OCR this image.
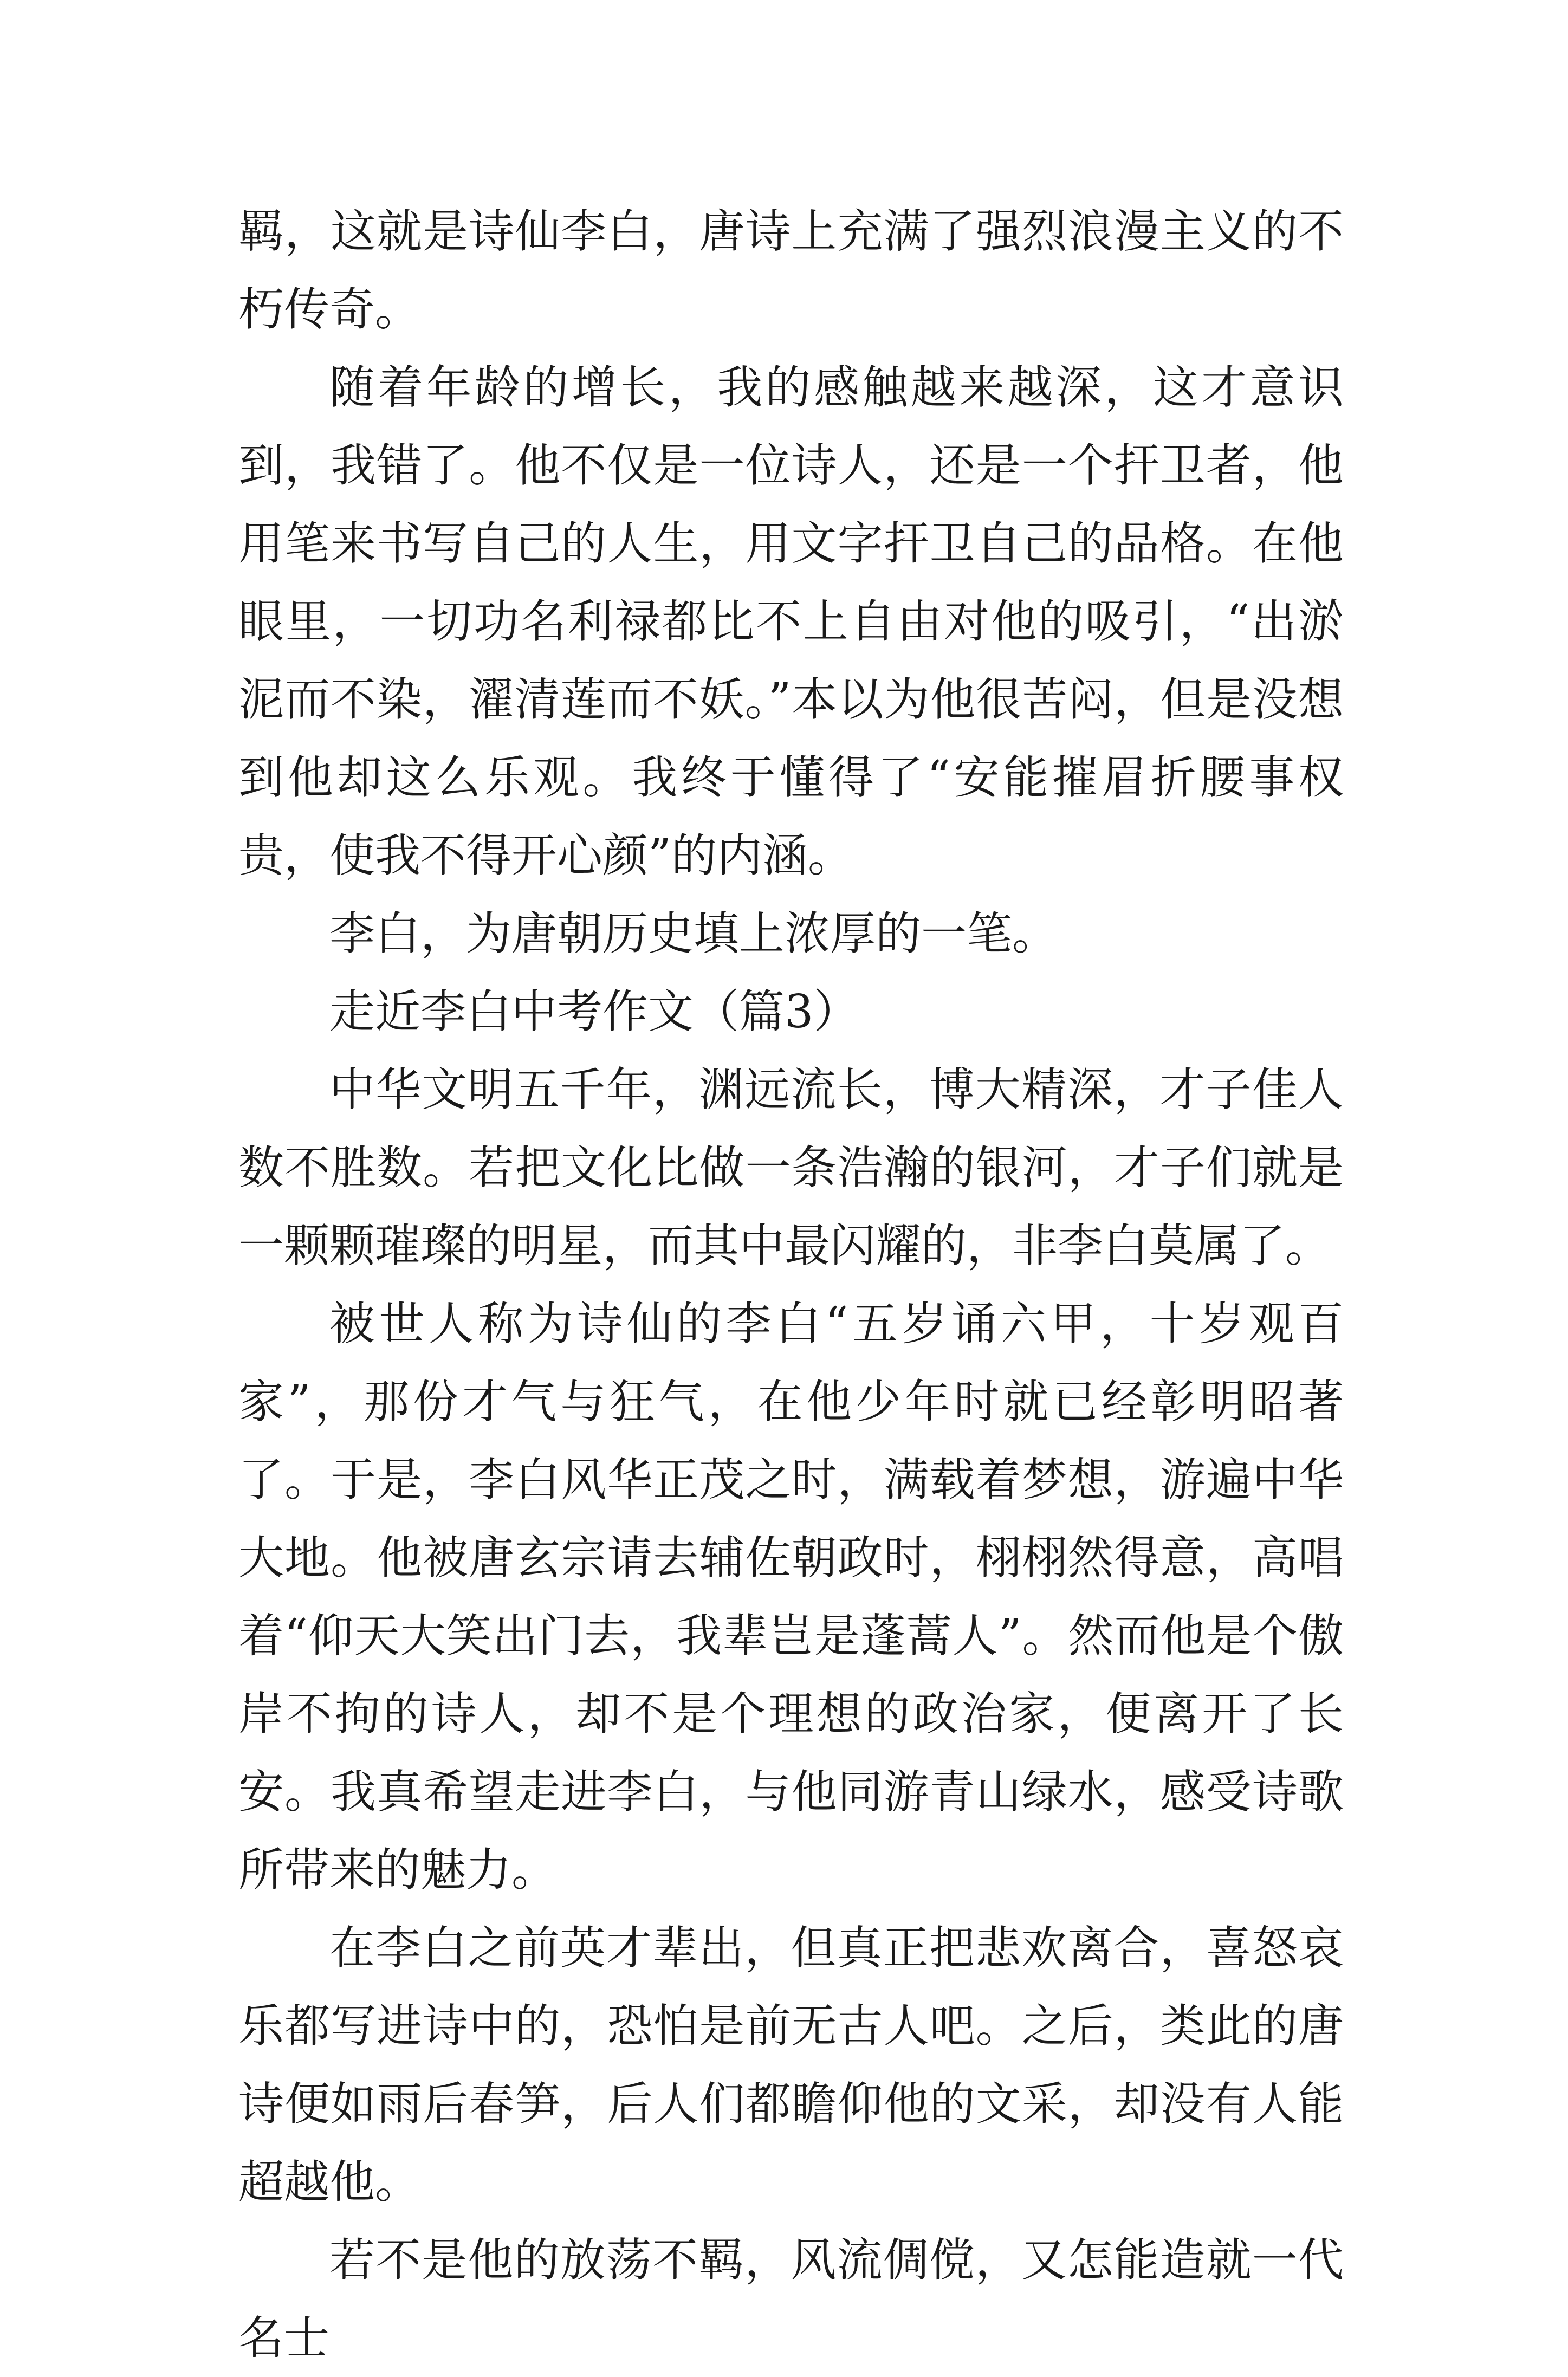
羁，这就是诗仙李白，唐诗上充满了强烈浪漫主义的不朽传奇。

随着年龄的增长，我的感触越来越深，这才意识到，我错了。他不仅是一位诗人，还是一个扞卫者，他用笔来书写自己的人生，用文字扞卫自己的品格。在他眼里，一切功名利禄都比不上自由对他的吸引，“出淤泥而不染，濯清莲而不妖。”本以为他很苦闷，但是没想到他却这么乐观。我终于懂得了“安能摧眉折腰事权贵，使我不得开心颜”的内涵。

李白，为唐朝历史填上浓厚的一笔。

走近李白中考作文（篇3）

中华文明五千年，渊远流长，博大精深，才子佳人数不胜数。若把文化比做一条浩瀚的银河，才子们就是一颗颗璀璨的明星，而其中最闪耀的，非李白莫属了。

被世人称为诗仙的李白“五岁诵六甲，十岁观百家”，那份才气与狂气，在他少年时就已经彰明昭著了。于是，李白风华正茂之时，满载着梦想，游遍中华大地。他被唐玄宗请去辅佐朝政时，栩栩然得意，高唱着“仰天大笑出门去，我辈岂是蓬蒿人”。然而他是个傲岸不拘的诗人，却不是个理想的政治家，便离开了长安。我真希望走进李白，与他同游青山绿水，感受诗歌所带来的魅力。

在李白之前英才辈出，但真正把悲欢离合，喜怒哀乐都写进诗中的，恐怕是前无古人吧。之后，类此的唐诗便如雨后春笋，后人们都瞻仰他的文采，却没有人能超越他。

若不是他的放荡不羁，风流倜傥，又怎能造就一代名士
